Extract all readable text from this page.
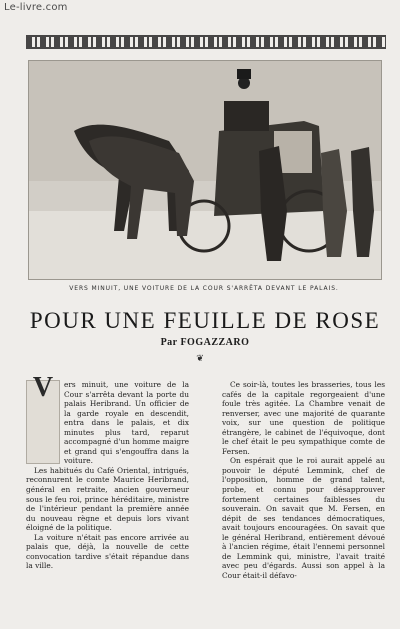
Le-livre.com
VERS MINUIT, UNE VOITURE DE LA COUR S'ARRÊTA DEVANT LE PALAIS.
POUR UNE FEUILLE DE ROSE
Par FOGAZZARO
❦
V	ers minuit, une voiture de la Cour s'arrêta devant la porte du palais Heribrand. Un officier de la garde royale en descendit, entra dans le palais, et dix minutes plus tard, reparut accompagné d'un homme maigre et grand qui s'engouffra dans la voiture.

Les habitués du Café Oriental, intrigués, reconnurent le comte Maurice Heribrand, général en retraite, ancien gouverneur sous le feu roi, prince héréditaire, ministre de l'intérieur pendant la première année du nouveau règne et depuis lors vivant éloigné de la politique.

La voiture n'était pas encore arrivée au palais que, déjà, la nouvelle de cette convocation tardive s'était répandue dans la ville.

Ce soir-là, toutes les brasseries, tous les cafés de la capitale regorgeaient d'une foule très agitée. La Chambre venait de renverser, avec une majorité de quarante voix, sur une question de politique étrangère, le cabinet de l'équivoque, dont le chef était le peu sympathique comte de Fersen.

On espérait que le roi aurait appelé au pouvoir le député Lemmink, chef de l'opposition, homme de grand talent, probe, et connu pour désapprouver fortement certaines faiblesses du souverain. On savait que M. Fersen, en dépit de ses tendances démocratiques, avait toujours encouragées. On savait que le général Heribrand, entièrement dévoué à l'ancien régime, était l'ennemi personnel de Lemmink qui, ministre, l'avait traité avec peu d'égards. Aussi son appel à la Cour était-il défavo-
